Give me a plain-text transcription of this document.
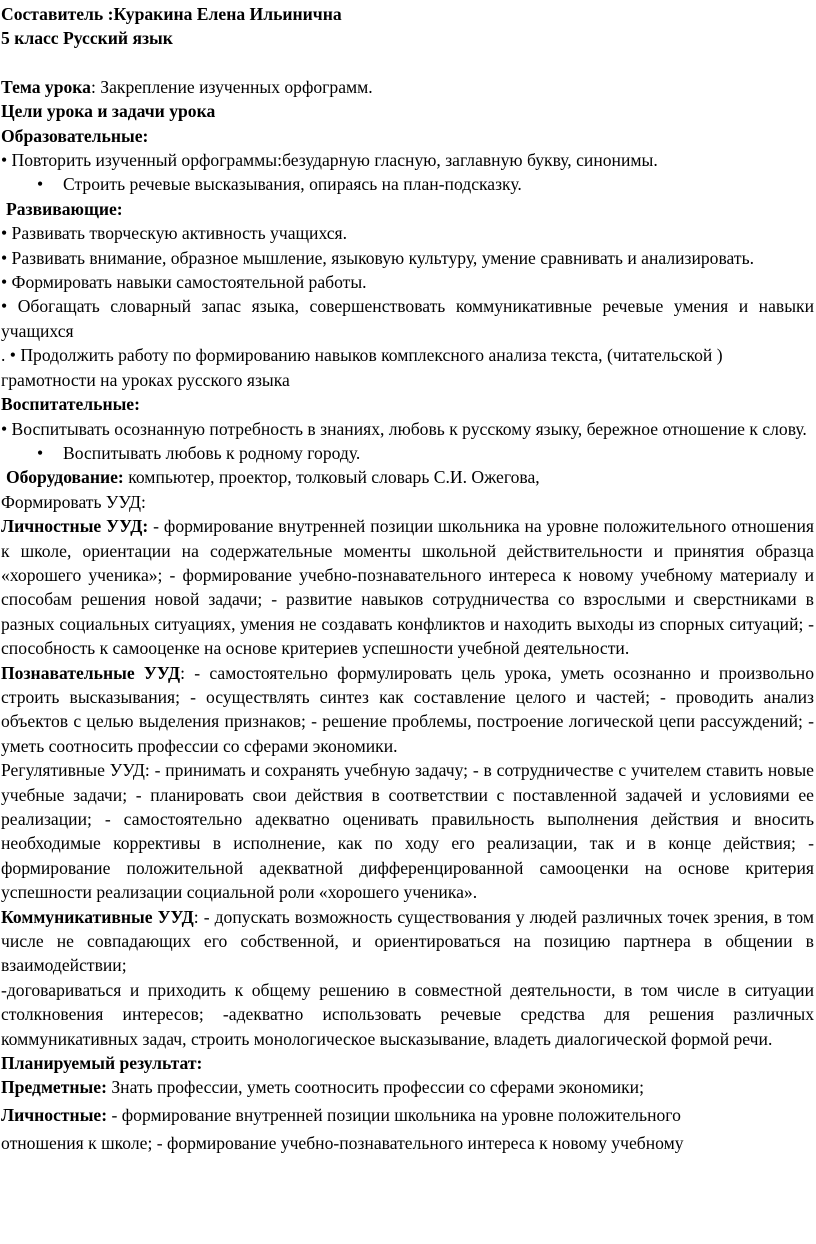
Составитель :Куракина Елена Ильинична

5 класс Русский язык

Тема урока: Закрепление изученных орфограмм.

Цели урока и задачи урока

Образовательные:

• Повторить изученный орфограммы:безударную гласную, заглавную букву, синонимы.

• Строить речевые высказывания, опираясь на план-подсказку.

Развивающие:

• Развивать творческую активность учащихся.

• Развивать внимание, образное мышление, языковую культуру, умение сравнивать и анализировать.

• Формировать навыки самостоятельной работы.

• Обогащать словарный запас языка, совершенствовать коммуникативные речевые умения и навыки учащихся

. • Продолжить работу по формированию навыков комплексного анализа текста, (читательской ) грамотности на уроках русского языка

Воспитательные:

• Воспитывать осознанную потребность в знаниях, любовь к русскому языку, бережное отношение к слову.

• Воспитывать любовь к родному городу.

Оборудование: компьютер, проектор, толковый словарь С.И. Ожегова,

Формировать УУД:

Личностные УУД: - формирование внутренней позиции школьника на уровне положительного отношения к школе, ориентации на содержательные моменты школьной действительности и принятия образца «хорошего ученика»; - формирование учебно-познавательного интереса к новому учебному материалу и способам решения новой задачи; - развитие навыков сотрудничества со взрослыми и сверстниками в разных социальных ситуациях, умения не создавать конфликтов и находить выходы из спорных ситуаций; - способность к самооценке на основе критериев успешности учебной деятельности.

Познавательные УУД: - самостоятельно формулировать цель урока, уметь осознанно и произвольно строить высказывания; - осуществлять синтез как составление целого и частей; - проводить анализ объектов с целью выделения признаков; - решение проблемы, построение логической цепи рассуждений; - уметь соотносить профессии со сферами экономики.

Регулятивные УУД: - принимать и сохранять учебную задачу; - в сотрудничестве с учителем ставить новые учебные задачи; - планировать свои действия в соответствии с поставленной задачей и условиями ее реализации; - самостоятельно адекватно оценивать правильность выполнения действия и вносить необходимые коррективы в исполнение, как по ходу его реализации, так и в конце действия; - формирование положительной адекватной дифференцированной самооценки на основе критерия успешности реализации социальной роли «хорошего ученика».

Коммуникативные УУД: - допускать возможность существования у людей различных точек зрения, в том числе не совпадающих его собственной, и ориентироваться на позицию партнера в общении в взаимодействии;

-договариваться и приходить к общему решению в совместной деятельности, в том числе в ситуации столкновения интересов; -адекватно использовать речевые средства для решения различных коммуникативных задач, строить монологическое высказывание, владеть диалогической формой речи.

Планируемый результат:

Предметные: Знать профессии, уметь соотносить профессии со сферами экономики;

Личностные: - формирование внутренней позиции школьника на уровне положительного

отношения к школе; - формирование учебно-познавательного интереса к новому учебному
